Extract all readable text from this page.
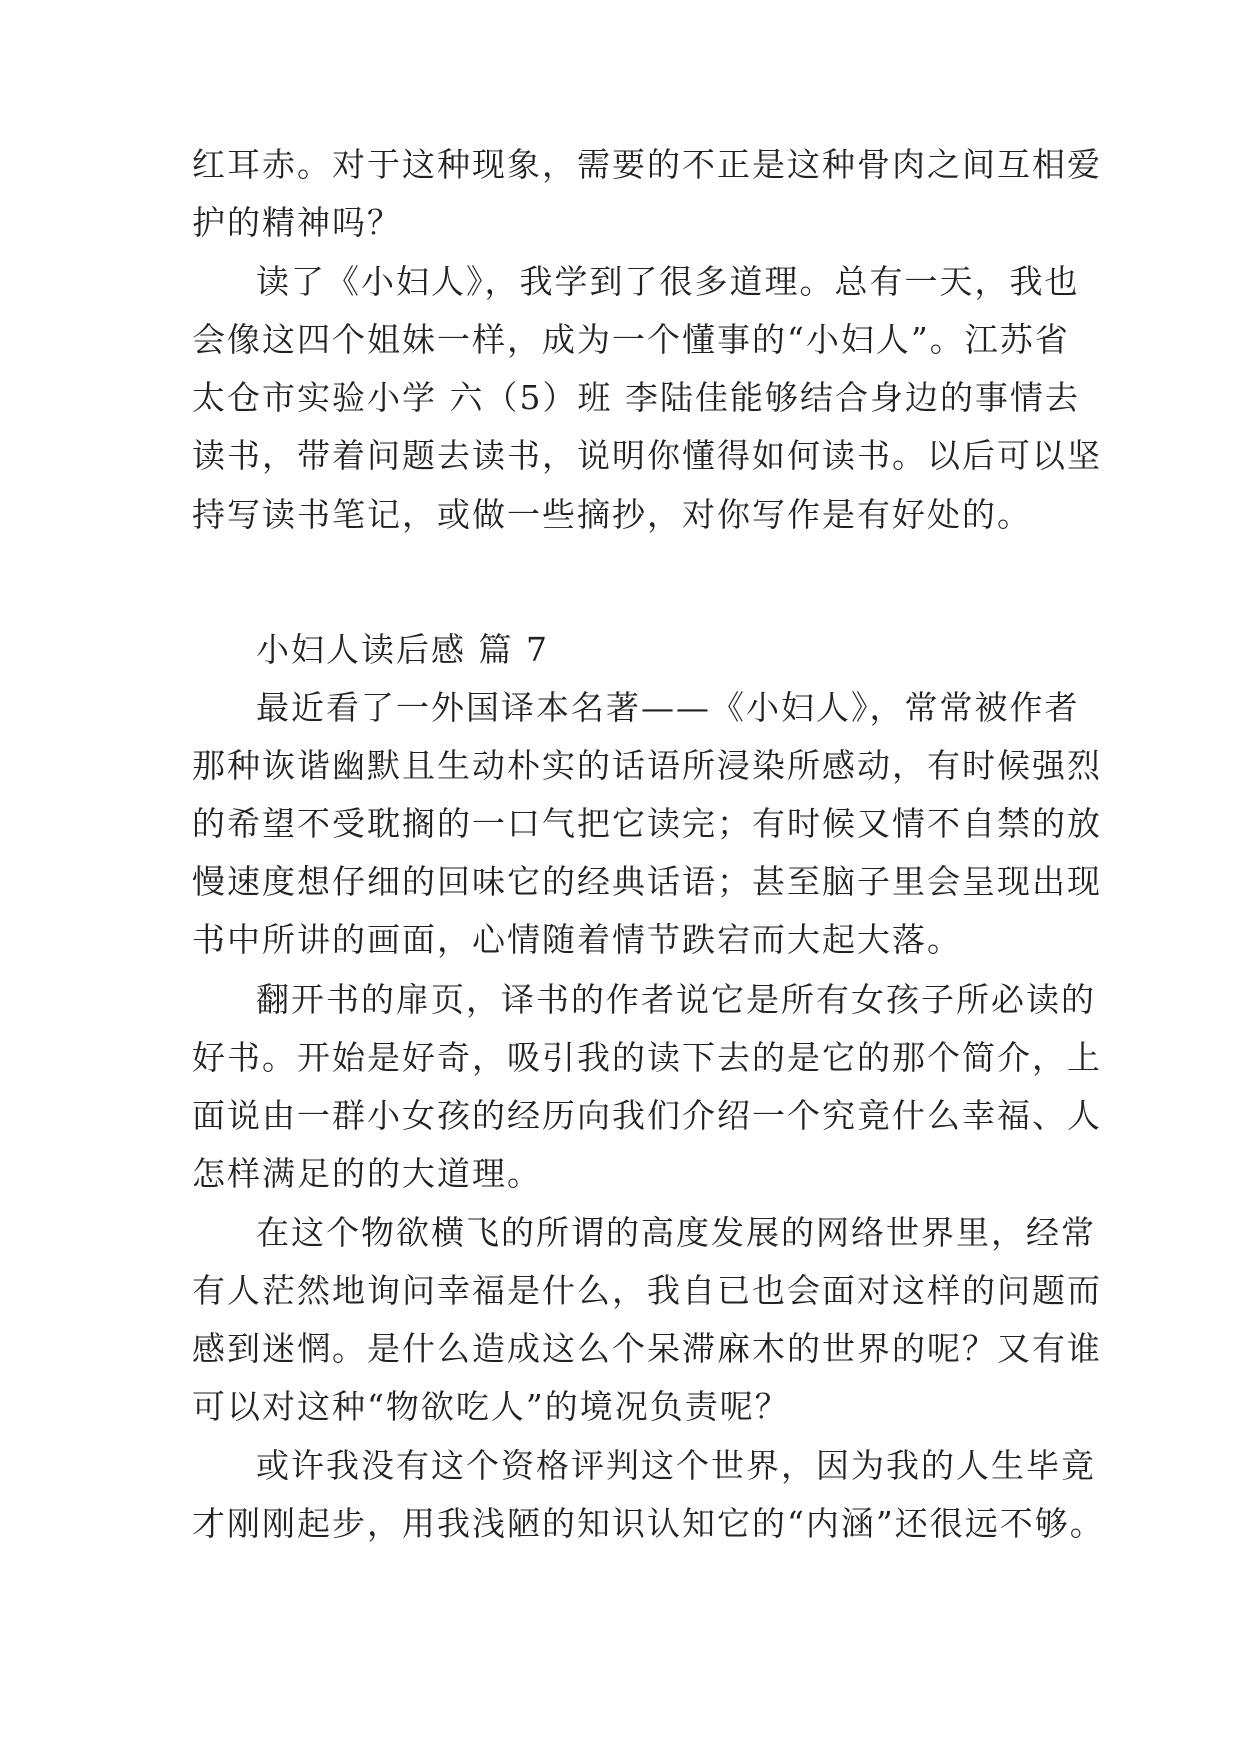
红耳赤。对于这种现象，需要的不正是这种骨肉之间互相爱
护的精神吗？
读了《小妇人》，我学到了很多道理。总有一天，我也
会像这四个姐妹一样，成为一个懂事的“小妇人”。江苏省
太仓市实验小学 六（5）班 李陆佳能够结合身边的事情去
读书，带着问题去读书，说明你懂得如何读书。以后可以坚
持写读书笔记，或做一些摘抄，对你写作是有好处的。
小妇人读后感 篇 7
最近看了一外国译本名著——《小妇人》，常常被作者
那种诙谐幽默且生动朴实的话语所浸染所感动，有时候强烈
的希望不受耽搁的一口气把它读完；有时候又情不自禁的放
慢速度想仔细的回味它的经典话语；甚至脑子里会呈现出现
书中所讲的画面，心情随着情节跌宕而大起大落。
翻开书的扉页，译书的作者说它是所有女孩子所必读的
好书。开始是好奇，吸引我的读下去的是它的那个简介，上
面说由一群小女孩的经历向我们介绍一个究竟什么幸福、人
怎样满足的的大道理。
在这个物欲横飞的所谓的高度发展的网络世界里，经常
有人茫然地询问幸福是什么，我自已也会面对这样的问题而
感到迷惘。是什么造成这么个呆滞麻木的世界的呢？又有谁
可以对这种“物欲吃人”的境况负责呢？
或许我没有这个资格评判这个世界，因为我的人生毕竟
才刚刚起步，用我浅陋的知识认知它的“内涵”还很远不够。
